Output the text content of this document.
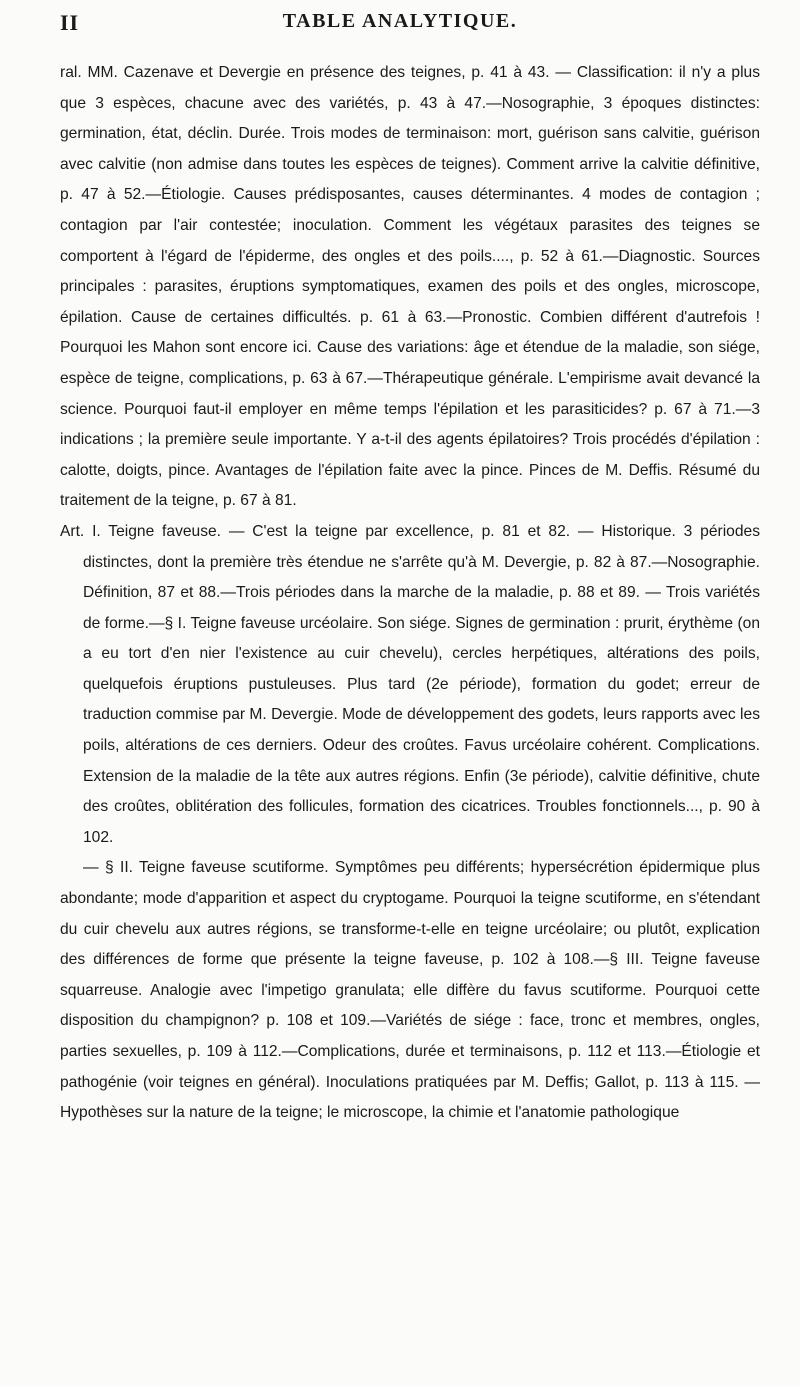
II	TABLE ANALYTIQUE.

ral. MM. Cazenave et Devergie en présence des teignes, p. 41 à 43. — Classification: il n'y a plus que 3 espèces, chacune avec des variétés, p. 43 à 47.—Nosographie, 3 époques distinctes: germination, état, déclin. Durée. Trois modes de terminaison: mort, guérison sans calvitie, guérison avec calvitie (non admise dans toutes les espèces de teignes). Comment arrive la calvitie définitive, p. 47 à 52.—Étiologie. Causes prédisposantes, causes déterminantes. 4 modes de contagion ; contagion par l'air contestée; inoculation. Comment les végétaux parasites des teignes se comportent à l'égard de l'épiderme, des ongles et des poils...., p. 52 à 61.—Diagnostic. Sources principales : parasites, éruptions symptomatiques, examen des poils et des ongles, microscope, épilation. Cause de certaines difficultés. p. 61 à 63.—Pronostic. Combien différent d'autrefois ! Pourquoi les Mahon sont encore ici. Cause des variations: âge et étendue de la maladie, son siége, espèce de teigne, complications, p. 63 à 67.—Thérapeutique générale. L'empirisme avait devancé la science. Pourquoi faut-il employer en même temps l'épilation et les parasiticides? p. 67 à 71.—3 indications ; la première seule importante. Y a-t-il des agents épilatoires? Trois procédés d'épilation : calotte, doigts, pince. Avantages de l'épilation faite avec la pince. Pinces de M. Deffis. Résumé du traitement de la teigne, p. 67 à 81.

Art. I. Teigne faveuse. — C'est la teigne par excellence, p. 81 et 82. — Historique. 3 périodes distinctes, dont la première très étendue ne s'arrête qu'à M. Devergie, p. 82 à 87.—Nosographie. Définition, 87 et 88.—Trois périodes dans la marche de la maladie, p. 88 et 89. — Trois variétés de forme.—§ I. Teigne faveuse urcéolaire. Son siége. Signes de germination : prurit, érythème (on a eu tort d'en nier l'existence au cuir chevelu), cercles herpétiques, altérations des poils, quelquefois éruptions pustuleuses. Plus tard (2e période), formation du godet; erreur de traduction commise par M. Devergie. Mode de développement des godets, leurs rapports avec les poils, altérations de ces derniers. Odeur des croûtes. Favus urcéolaire cohérent. Complications. Extension de la maladie de la tête aux autres régions. Enfin (3e période), calvitie définitive, chute des croûtes, oblitération des follicules, formation des cicatrices. Troubles fonctionnels..., p. 90 à 102.

— § II. Teigne faveuse scutiforme. Symptômes peu différents; hypersécrétion épidermique plus abondante; mode d'apparition et aspect du cryptogame. Pourquoi la teigne scutiforme, en s'étendant du cuir chevelu aux autres régions, se transforme-t-elle en teigne urcéolaire; ou plutôt, explication des différences de forme que présente la teigne faveuse, p. 102 à 108.—§ III. Teigne faveuse squarreuse. Analogie avec l'impetigo granulata; elle diffère du favus scutiforme. Pourquoi cette disposition du champignon? p. 108 et 109.—Variétés de siége : face, tronc et membres, ongles, parties sexuelles, p. 109 à 112.—Complications, durée et terminaisons, p. 112 et 113.—Étiologie et pathogénie (voir teignes en général). Inoculations pratiquées par M. Deffis; Gallot, p. 113 à 115. — Hypothèses sur la nature de la teigne; le microscope, la chimie et l'anatomie pathologique
